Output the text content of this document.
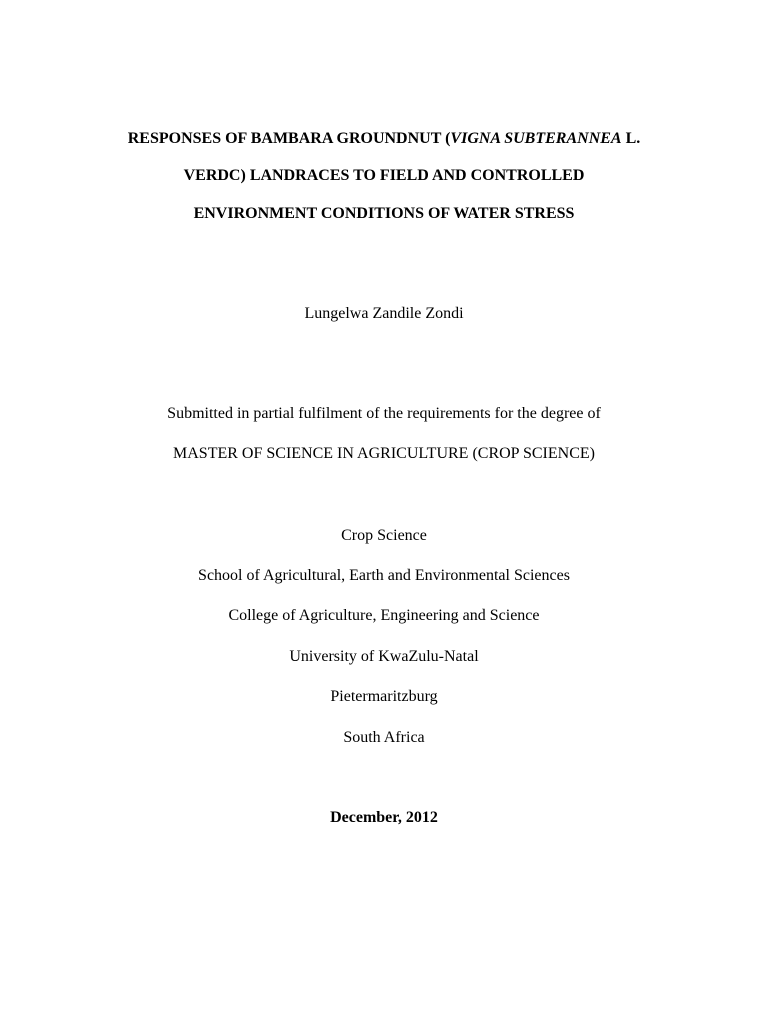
RESPONSES OF BAMBARA GROUNDNUT (VIGNA SUBTERANNEA L.
VERDC) LANDRACES TO FIELD AND CONTROLLED
ENVIRONMENT CONDITIONS OF WATER STRESS
Lungelwa Zandile Zondi
Submitted in partial fulfilment of the requirements for the degree of
MASTER OF SCIENCE IN AGRICULTURE (CROP SCIENCE)
Crop Science
School of Agricultural, Earth and Environmental Sciences
College of Agriculture, Engineering and Science
University of KwaZulu-Natal
Pietermaritzburg
South Africa
December, 2012
